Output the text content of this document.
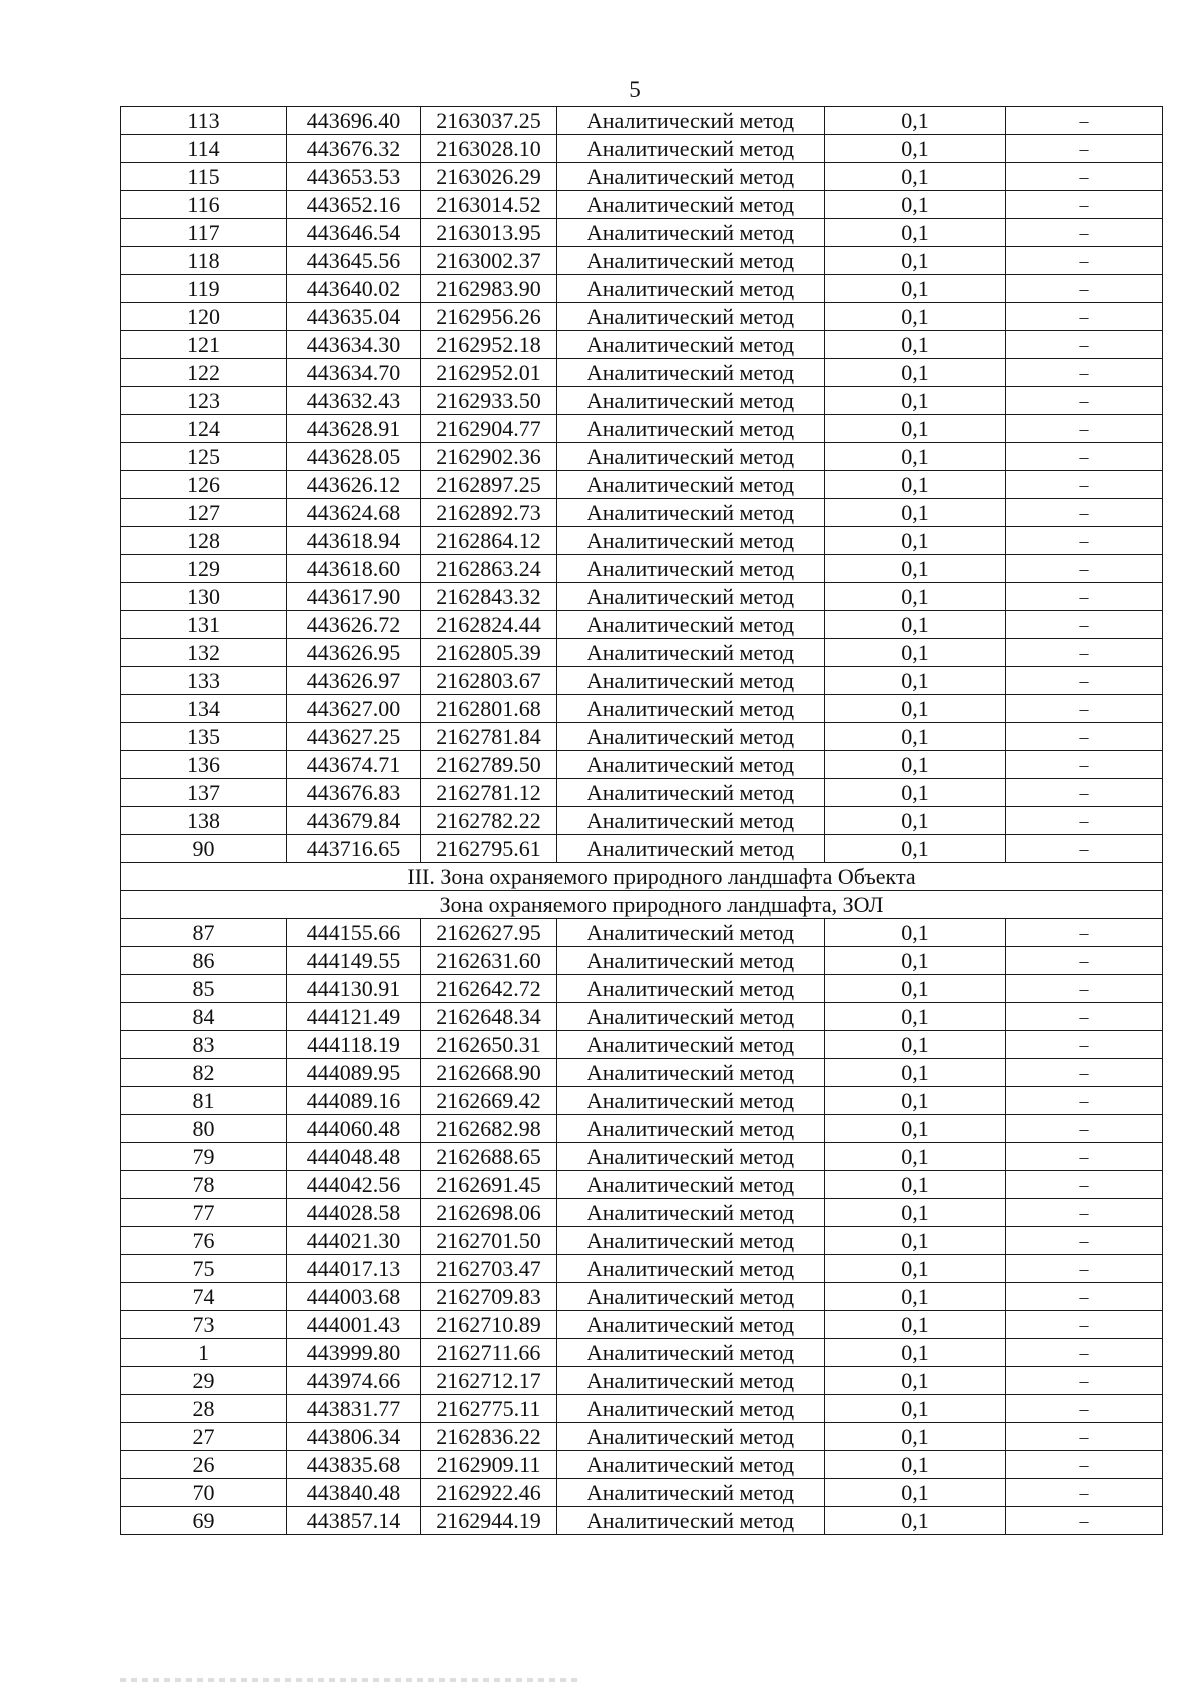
5
113	443696.40	2163037.25	Аналитический метод	0,1	–
114	443676.32	2163028.10	Аналитический метод	0,1	–
115	443653.53	2163026.29	Аналитический метод	0,1	–
116	443652.16	2163014.52	Аналитический метод	0,1	–
117	443646.54	2163013.95	Аналитический метод	0,1	–
118	443645.56	2163002.37	Аналитический метод	0,1	–
119	443640.02	2162983.90	Аналитический метод	0,1	–
120	443635.04	2162956.26	Аналитический метод	0,1	–
121	443634.30	2162952.18	Аналитический метод	0,1	–
122	443634.70	2162952.01	Аналитический метод	0,1	–
123	443632.43	2162933.50	Аналитический метод	0,1	–
124	443628.91	2162904.77	Аналитический метод	0,1	–
125	443628.05	2162902.36	Аналитический метод	0,1	–
126	443626.12	2162897.25	Аналитический метод	0,1	–
127	443624.68	2162892.73	Аналитический метод	0,1	–
128	443618.94	2162864.12	Аналитический метод	0,1	–
129	443618.60	2162863.24	Аналитический метод	0,1	–
130	443617.90	2162843.32	Аналитический метод	0,1	–
131	443626.72	2162824.44	Аналитический метод	0,1	–
132	443626.95	2162805.39	Аналитический метод	0,1	–
133	443626.97	2162803.67	Аналитический метод	0,1	–
134	443627.00	2162801.68	Аналитический метод	0,1	–
135	443627.25	2162781.84	Аналитический метод	0,1	–
136	443674.71	2162789.50	Аналитический метод	0,1	–
137	443676.83	2162781.12	Аналитический метод	0,1	–
138	443679.84	2162782.22	Аналитический метод	0,1	–
90	443716.65	2162795.61	Аналитический метод	0,1	–
III. Зона охраняемого природного ландшафта Объекта					
Зона охраняемого природного ландшафта, ЗОЛ					
87	444155.66	2162627.95	Аналитический метод	0,1	–
86	444149.55	2162631.60	Аналитический метод	0,1	–
85	444130.91	2162642.72	Аналитический метод	0,1	–
84	444121.49	2162648.34	Аналитический метод	0,1	–
83	444118.19	2162650.31	Аналитический метод	0,1	–
82	444089.95	2162668.90	Аналитический метод	0,1	–
81	444089.16	2162669.42	Аналитический метод	0,1	–
80	444060.48	2162682.98	Аналитический метод	0,1	–
79	444048.48	2162688.65	Аналитический метод	0,1	–
78	444042.56	2162691.45	Аналитический метод	0,1	–
77	444028.58	2162698.06	Аналитический метод	0,1	–
76	444021.30	2162701.50	Аналитический метод	0,1	–
75	444017.13	2162703.47	Аналитический метод	0,1	–
74	444003.68	2162709.83	Аналитический метод	0,1	–
73	444001.43	2162710.89	Аналитический метод	0,1	–
1	443999.80	2162711.66	Аналитический метод	0,1	–
29	443974.66	2162712.17	Аналитический метод	0,1	–
28	443831.77	2162775.11	Аналитический метод	0,1	–
27	443806.34	2162836.22	Аналитический метод	0,1	–
26	443835.68	2162909.11	Аналитический метод	0,1	–
70	443840.48	2162922.46	Аналитический метод	0,1	–
69	443857.14	2162944.19	Аналитический метод	0,1	–
